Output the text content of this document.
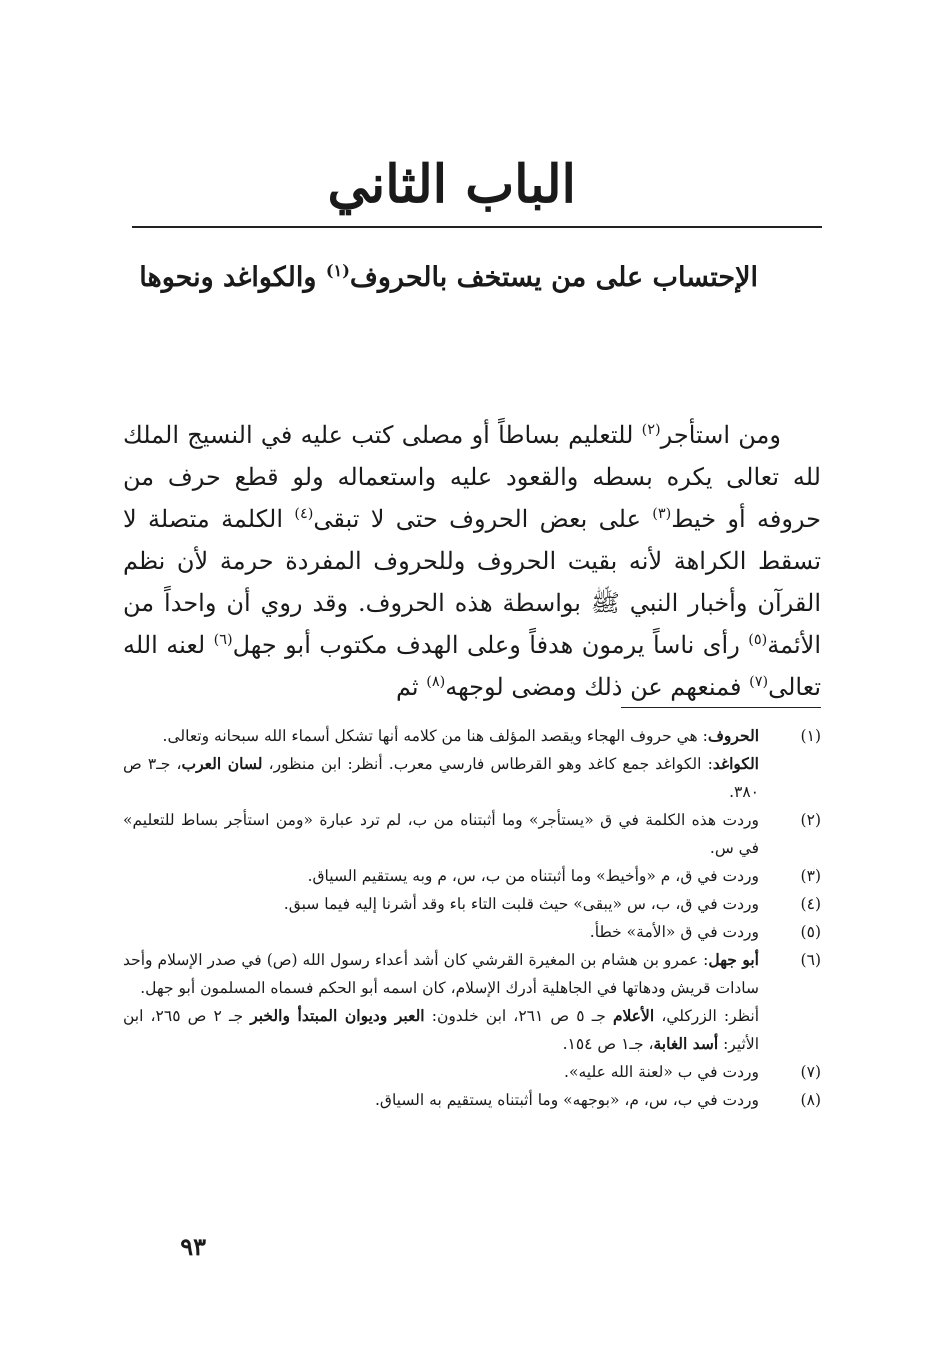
الباب الثاني
الإحتساب على من يستخف بالحروف$^{(١)}$ والكواغد ونحوها

ومن استأجر$^{(٢)}$ للتعليم بساطاً أو مصلى كتب عليه في النسيج الملك لله تعالى يكره بسطه والقعود عليه واستعماله ولو قطع حرف من حروفه أو خيط$^{(٣)}$ على بعض الحروف حتى لا تبقى$^{(٤)}$ الكلمة متصلة لا تسقط الكراهة لأنه بقيت الحروف وللحروف المفردة حرمة لأن نظم القرآن وأخبار النبي ﷺ بواسطة هذه الحروف. وقد روي أن واحداً من الأئمة$^{(٥)}$ رأى ناساً يرمون هدفاً وعلى الهدف مكتوب أبو جهل$^{(٦)}$ لعنه الله تعالى$^{(٧)}$ فمنعهم عن ذلك ومضى لوجهه$^{(٨)}$ ثم

(١)
الحروف: هي حروف الهجاء ويقصد المؤلف هنا من كلامه أنها تشكل أسماء الله سبحانه وتعالى.
الكواغد: الكواغد جمع كاغد وهو القرطاس فارسي معرب. أنظر: ابن منظور، لسان العرب، جـ٣ ص ٣٨٠.
(٢)
وردت هذه الكلمة في ق «يستأجر» وما أثبتناه من ب، لم ترد عبارة «ومن استأجر بساط للتعليم» في س.
(٣)
وردت في ق، م «وأخيط» وما أثبتناه من ب، س، م وبه يستقيم السياق.
(٤)
وردت في ق، ب، س «يبقى» حيث قلبت التاء باء وقد أشرنا إليه فيما سبق.
(٥)
وردت في ق «الأمة» خطأ.
(٦)
أبو جهل: عمرو بن هشام بن المغيرة القرشي كان أشد أعداء رسول الله (ص) في صدر الإسلام وأحد سادات قريش ودهاتها في الجاهلية أدرك الإسلام، كان اسمه أبو الحكم فسماه المسلمون أبو جهل.
أنظر: الزركلي، الأعلام جـ ٥ ص ٢٦١، ابن خلدون: العبر وديوان المبتدأ والخبر جـ ٢ ص ٢٦٥، ابن الأثير: أسد الغابة، جـ١ ص ١٥٤.
(٧)
وردت في ب «لعنة الله عليه».
(٨)
وردت في ب، س، م، «بوجهه» وما أثبتناه يستقيم به السياق.
٩٣
